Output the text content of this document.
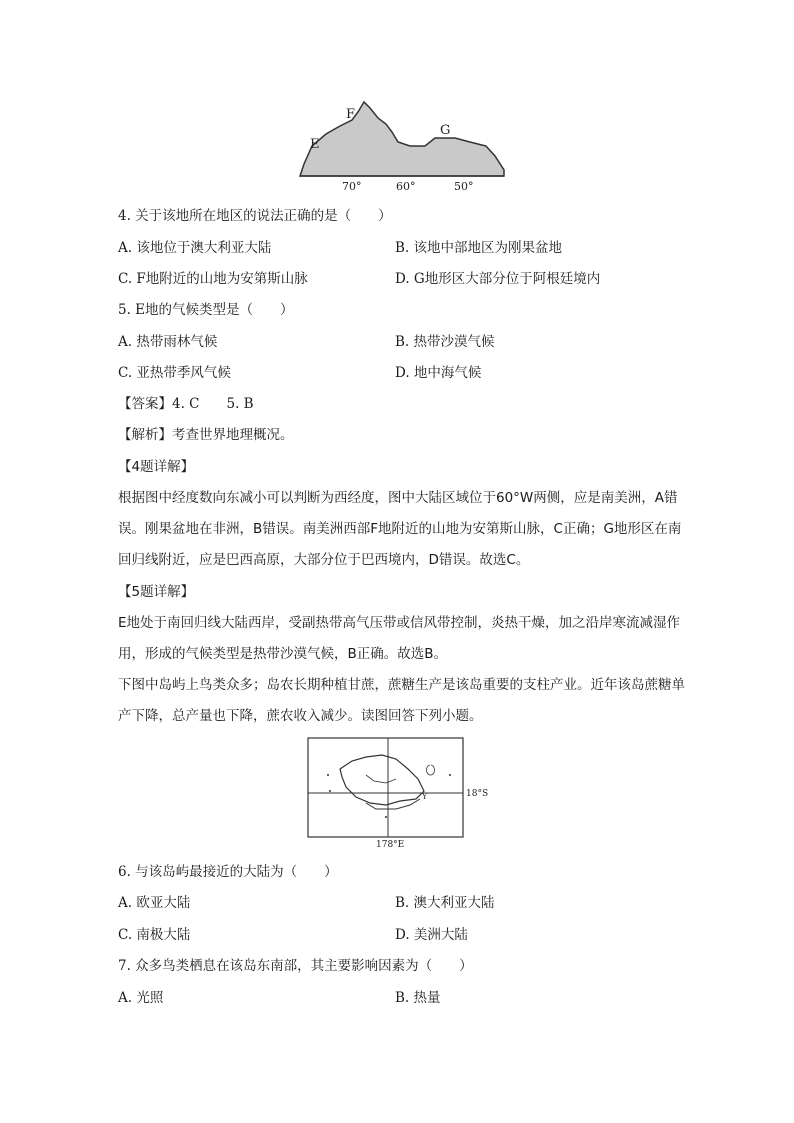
E
F
G
70°	60°	50°
4. 关于该地所在地区的说法正确的是（　　）
A. 该地位于澳大利亚大陆	B. 该地中部地区为刚果盆地
C. F地附近的山地为安第斯山脉	D. G地形区大部分位于阿根廷境内
5. E地的气候类型是（　　）
A. 热带雨林气候	B. 热带沙漠气候
C. 亚热带季风气候	D. 地中海气候
【答案】4. C　　5. B
【解析】考查世界地理概况。
【4题详解】
根据图中经度数向东减小可以判断为西经度，图中大陆区域位于60°W两侧，应是南美洲，A错误。刚果盆地在非洲，B错误。南美洲西部F地附近的山地为安第斯山脉，C正确；G地形区在南回归线附近，应是巴西高原，大部分位于巴西境内，D错误。故选C。
【5题详解】
E地处于南回归线大陆西岸，受副热带高气压带或信风带控制，炎热干燥，加之沿岸寒流减湿作用，形成的气候类型是热带沙漠气候，B正确。故选B。
下图中岛屿上鸟类众多；岛农长期种植甘蔗，蔗糖生产是该岛重要的支柱产业。近年该岛蔗糖单产下降，总产量也下降，蔗农收入减少。读图回答下列小题。
Y	18°S
178°E
6. 与该岛屿最接近的大陆为（　　）
A. 欧亚大陆	B. 澳大利亚大陆
C. 南极大陆	D. 美洲大陆
7. 众多鸟类栖息在该岛东南部，其主要影响因素为（　　）
A. 光照	B. 热量
